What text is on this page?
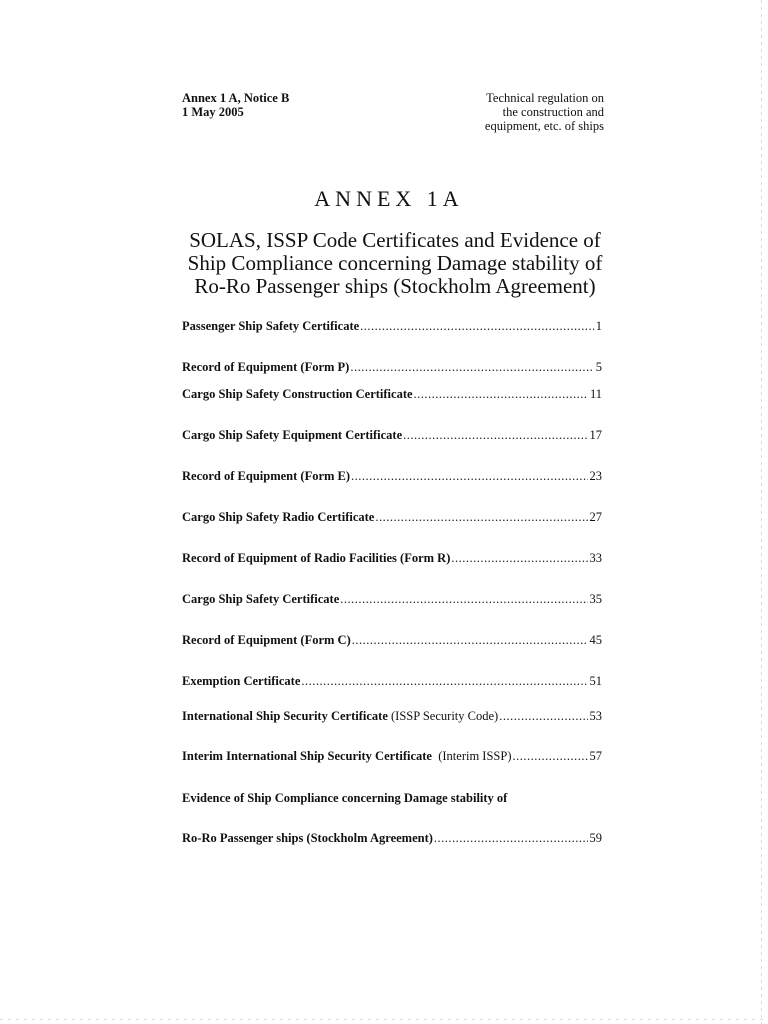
Annex 1 A, Notice B
1 May 2005
Technical regulation on
the construction and
equipment, etc. of ships
ANNEX 1A
SOLAS, ISSP Code Certificates and Evidence of
Ship Compliance concerning Damage stability of
Ro-Ro Passenger ships (Stockholm Agreement)
Passenger Ship Safety Certificate .....	1
Record of Equipment (Form P) .....	5
Cargo Ship Safety Construction Certificate .....	11
Cargo Ship Safety Equipment Certificate .....	17
Record of Equipment (Form E) .....	23
Cargo Ship Safety Radio Certificate .....	27
Record of Equipment of Radio Facilities (Form R) .....	33
Cargo Ship Safety Certificate .....	35
Record of Equipment (Form C) .....	45
Exemption Certificate .....	51
International Ship Security Certificate (ISSP Security Code) .....	53
Interim International Ship Security Certificate (Interim ISSP) .....	57
Evidence of Ship Compliance concerning Damage stability of
Ro-Ro Passenger ships (Stockholm Agreement) .....	59
